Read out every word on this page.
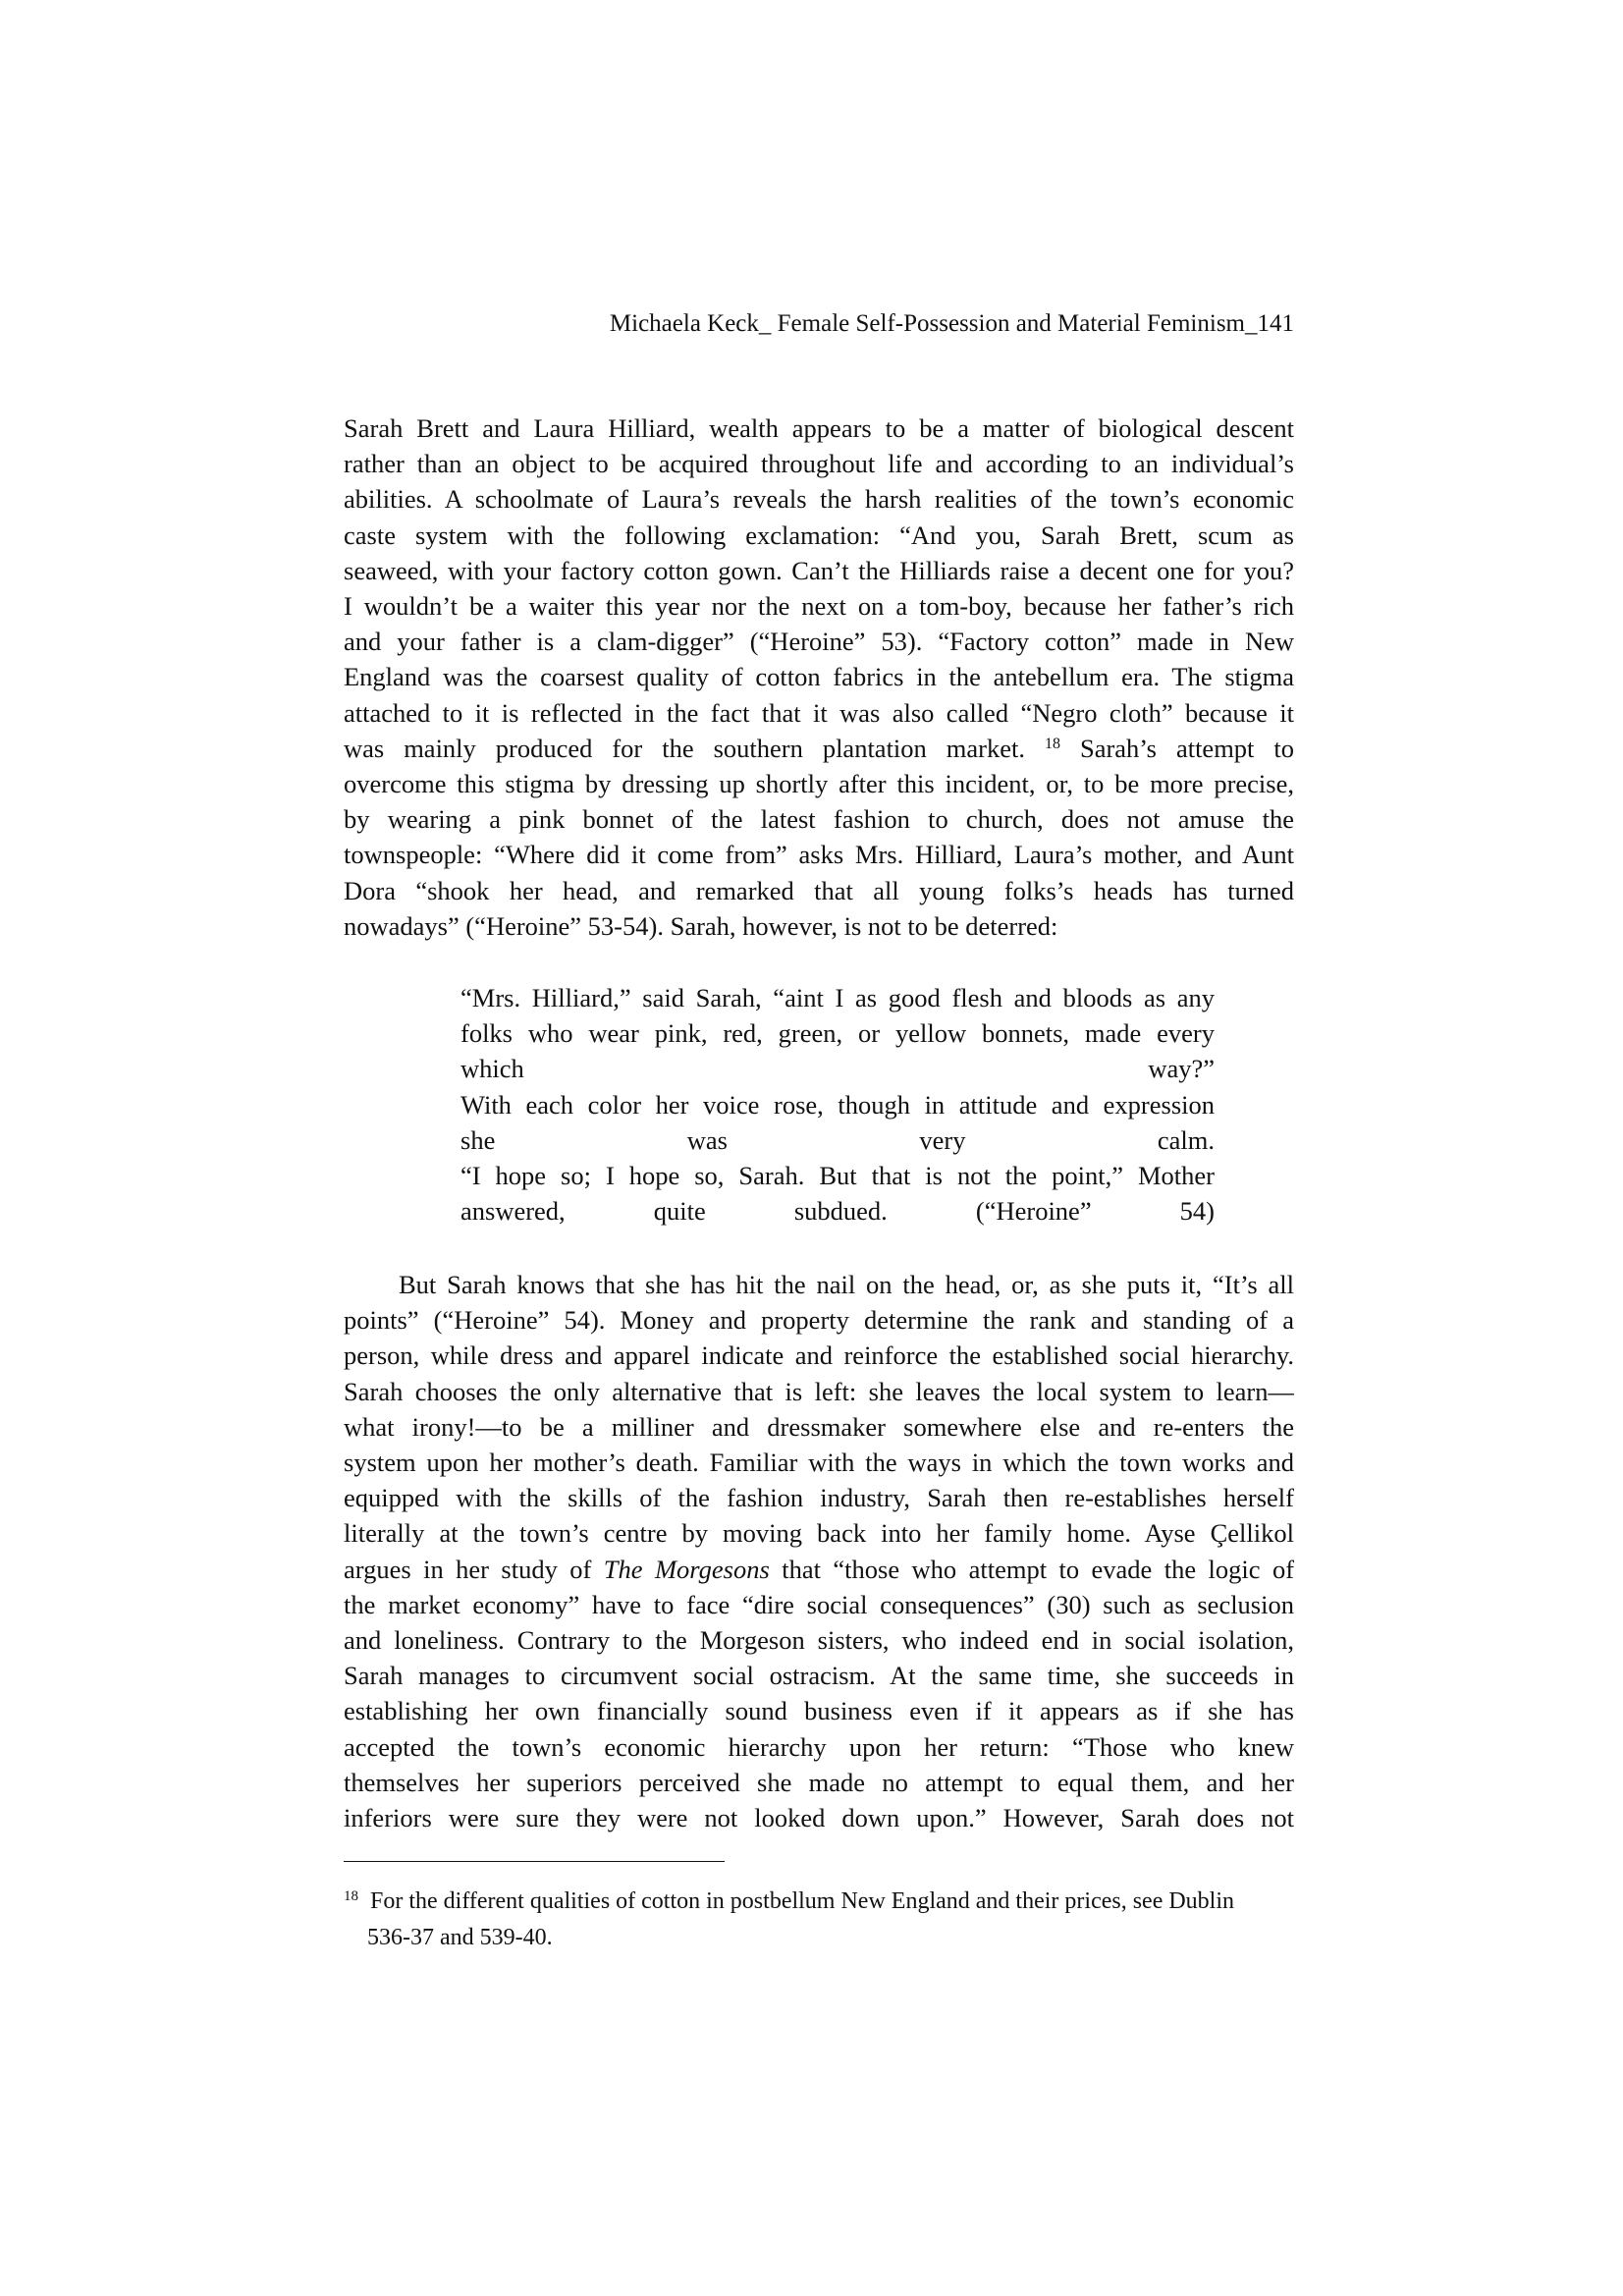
Michaela Keck_ Female Self-Possession and Material Feminism_141

Sarah Brett and Laura Hilliard, wealth appears to be a matter of biological descent
rather than an object to be acquired throughout life and according to an individual’s
abilities. A schoolmate of Laura’s reveals the harsh realities of the town’s economic
caste system with the following exclamation: “And you, Sarah Brett, scum as
seaweed, with your factory cotton gown. Can’t the Hilliards raise a decent one for you?
I wouldn’t be a waiter this year nor the next on a tom-boy, because her father’s rich
and your father is a clam-digger” (“Heroine” 53). “Factory cotton” made in New
England was the coarsest quality of cotton fabrics in the antebellum era. The stigma
attached to it is reflected in the fact that it was also called “Negro cloth” because it
was mainly produced for the southern plantation market. $^{18}$ Sarah’s attempt to
overcome this stigma by dressing up shortly after this incident, or, to be more precise,
by wearing a pink bonnet of the latest fashion to church, does not amuse the
townspeople: “Where did it come from” asks Mrs. Hilliard, Laura’s mother, and Aunt
Dora “shook her head, and remarked that all young folks’s heads has turned
nowadays” (“Heroine” 53-54). Sarah, however, is not to be deterred:

“Mrs. Hilliard,” said Sarah, “aint I as good flesh and bloods as any
folks who wear pink, red, green, or yellow bonnets, made every
which way?”
With each color her voice rose, though in attitude and expression
she was very calm.
“I hope so; I hope so, Sarah. But that is not the point,” Mother
answered, quite subdued. (“Heroine” 54)

But Sarah knows that she has hit the nail on the head, or, as she puts it, “It’s all
points” (“Heroine” 54). Money and property determine the rank and standing of a
person, while dress and apparel indicate and reinforce the established social hierarchy.
Sarah chooses the only alternative that is left: she leaves the local system to learn—
what irony!—to be a milliner and dressmaker somewhere else and re-enters the
system upon her mother’s death. Familiar with the ways in which the town works and
equipped with the skills of the fashion industry, Sarah then re-establishes herself
literally at the town’s centre by moving back into her family home. Ayse Çellikol
argues in her study of The Morgesons that “those who attempt to evade the logic of
the market economy” have to face “dire social consequences” (30) such as seclusion
and loneliness. Contrary to the Morgeson sisters, who indeed end in social isolation,
Sarah manages to circumvent social ostracism. At the same time, she succeeds in
establishing her own financially sound business even if it appears as if she has
accepted the town’s economic hierarchy upon her return: “Those who knew
themselves her superiors perceived she made no attempt to equal them, and her
inferiors were sure they were not looked down upon.” However, Sarah does not

$^{18}$ For the different qualities of cotton in postbellum New England and their prices, see Dublin
536-37 and 539-40.
